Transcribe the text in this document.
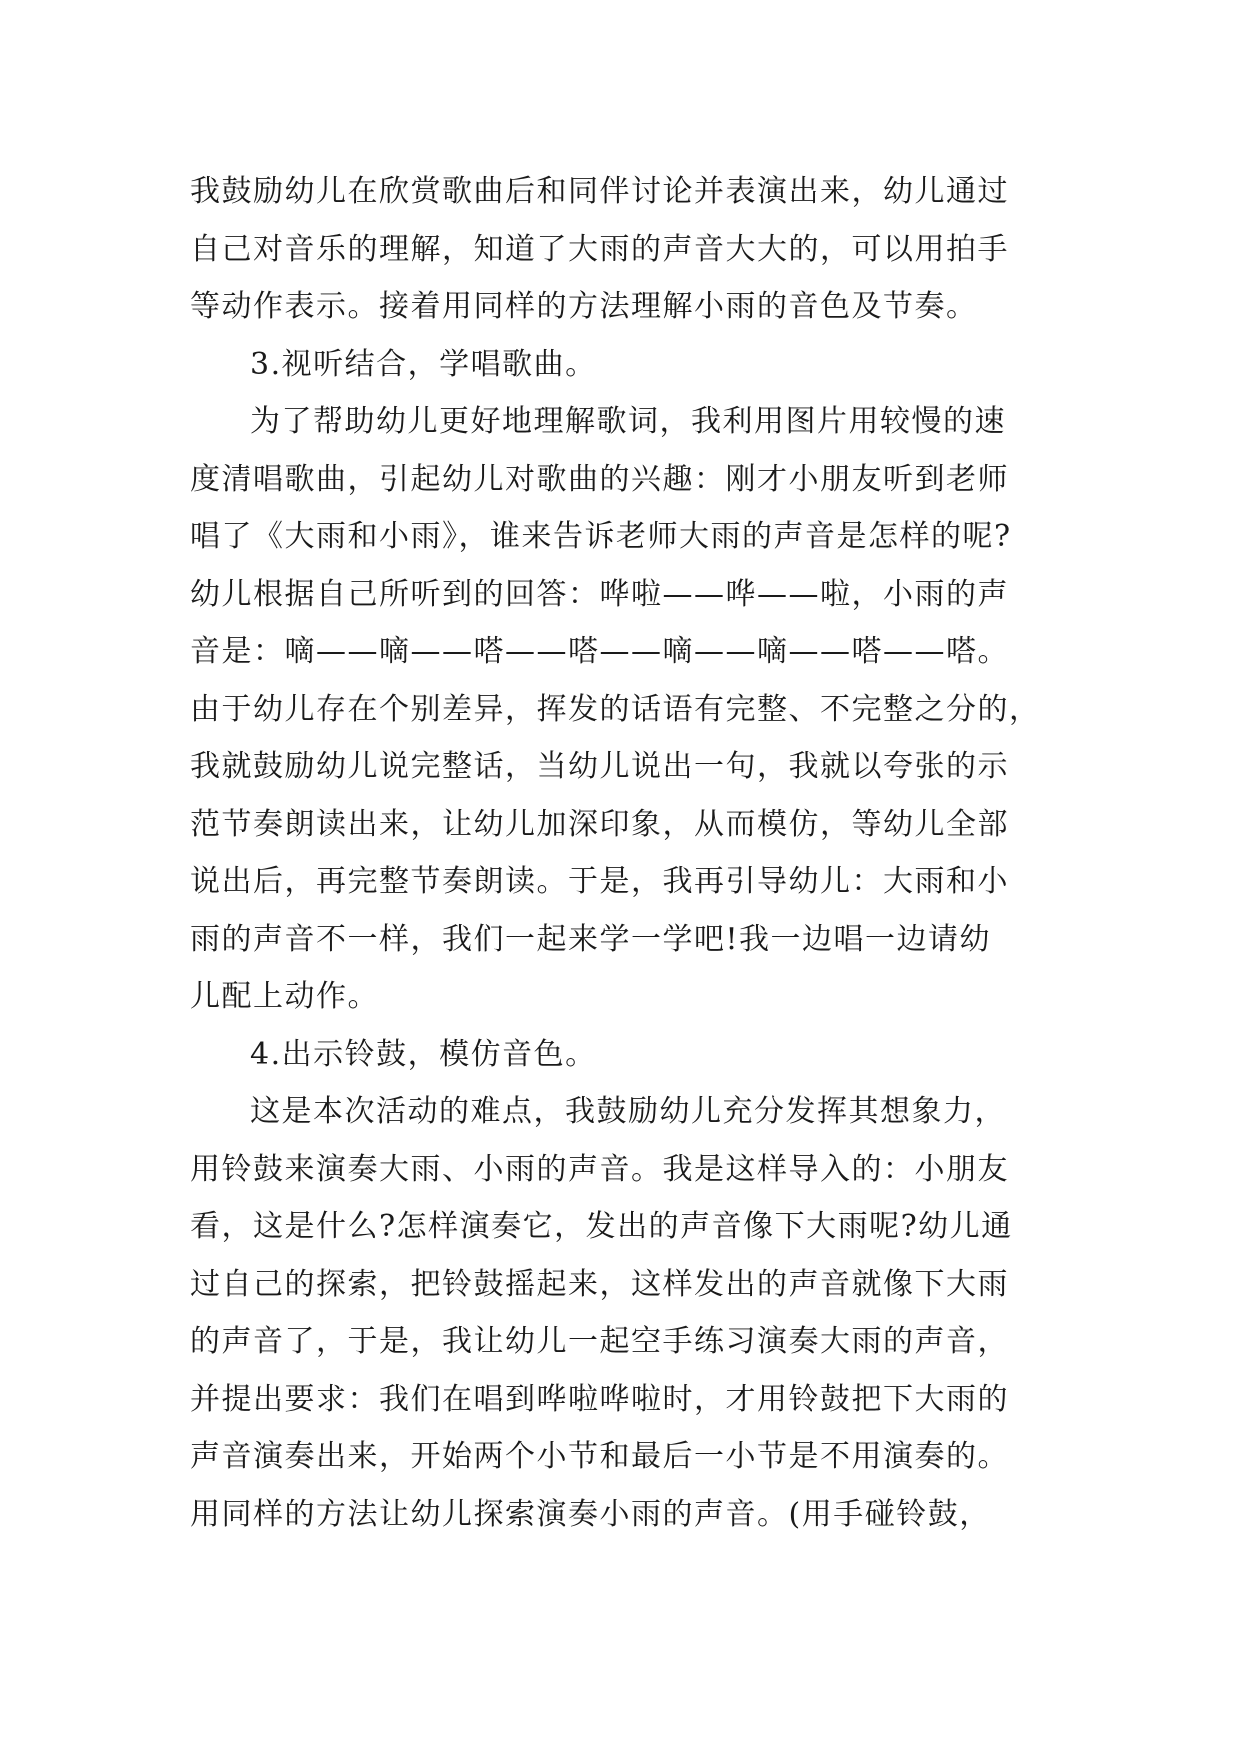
我鼓励幼儿在欣赏歌曲后和同伴讨论并表演出来，幼儿通过
自己对音乐的理解，知道了大雨的声音大大的，可以用拍手
等动作表示。接着用同样的方法理解小雨的音色及节奏。
3.视听结合，学唱歌曲。
为了帮助幼儿更好地理解歌词，我利用图片用较慢的速
度清唱歌曲，引起幼儿对歌曲的兴趣：刚才小朋友听到老师
唱了《大雨和小雨》，谁来告诉老师大雨的声音是怎样的呢?
幼儿根据自己所听到的回答：哗啦——哗——啦，小雨的声
音是：嘀——嘀——嗒——嗒——嘀——嘀——嗒——嗒。
由于幼儿存在个别差异，挥发的话语有完整、不完整之分的，
我就鼓励幼儿说完整话，当幼儿说出一句，我就以夸张的示
范节奏朗读出来，让幼儿加深印象，从而模仿，等幼儿全部
说出后，再完整节奏朗读。于是，我再引导幼儿：大雨和小
雨的声音不一样，我们一起来学一学吧!我一边唱一边请幼
儿配上动作。
4.出示铃鼓，模仿音色。
这是本次活动的难点，我鼓励幼儿充分发挥其想象力，
用铃鼓来演奏大雨、小雨的声音。我是这样导入的：小朋友
看，这是什么?怎样演奏它，发出的声音像下大雨呢?幼儿通
过自己的探索，把铃鼓摇起来，这样发出的声音就像下大雨
的声音了，于是，我让幼儿一起空手练习演奏大雨的声音，
并提出要求：我们在唱到哗啦哗啦时，才用铃鼓把下大雨的
声音演奏出来，开始两个小节和最后一小节是不用演奏的。
用同样的方法让幼儿探索演奏小雨的声音。(用手碰铃鼓，
